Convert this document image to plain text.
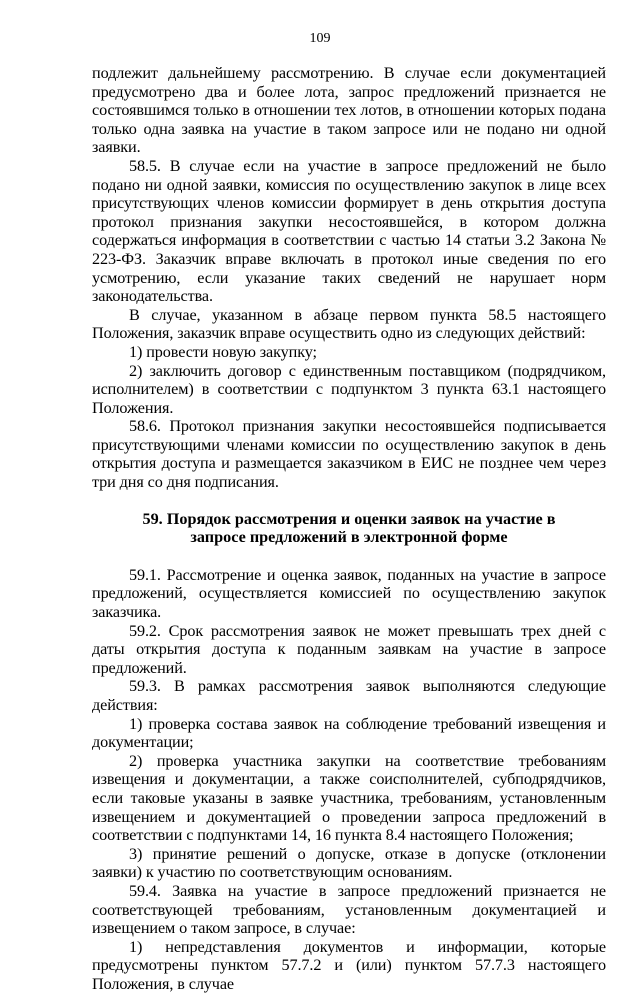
109

подлежит дальнейшему рассмотрению. В случае если документацией предусмотрено два и более лота, запрос предложений признается не состоявшимся только в отношении тех лотов, в отношении которых подана только одна заявка на участие в таком запросе или не подано ни одной заявки.

58.5. В случае если на участие в запросе предложений не было подано ни одной заявки, комиссия по осуществлению закупок в лице всех присутствующих членов комиссии формирует в день открытия доступа протокол признания закупки несостоявшейся, в котором должна содержаться информация в соответствии с частью 14 статьи 3.2 Закона № 223-ФЗ. Заказчик вправе включать в протокол иные сведения по его усмотрению, если указание таких сведений не нарушает норм законодательства.

В случае, указанном в абзаце первом пункта 58.5 настоящего Положения, заказчик вправе осуществить одно из следующих действий:

1) провести новую закупку;

2) заключить договор с единственным поставщиком (подрядчиком, исполнителем) в соответствии с подпунктом 3 пункта 63.1 настоящего Положения.

58.6. Протокол признания закупки несостоявшейся подписывается присутствующими членами комиссии по осуществлению закупок в день открытия доступа и размещается заказчиком в ЕИС не позднее чем через три дня со дня подписания.

59. Порядок рассмотрения и оценки заявок на участие в запросе предложений в электронной форме

59.1. Рассмотрение и оценка заявок, поданных на участие в запросе предложений, осуществляется комиссией по осуществлению закупок заказчика.

59.2. Срок рассмотрения заявок не может превышать трех дней с даты открытия доступа к поданным заявкам на участие в запросе предложений.

59.3. В рамках рассмотрения заявок выполняются следующие действия:

1) проверка состава заявок на соблюдение требований извещения и документации;

2) проверка участника закупки на соответствие требованиям извещения и документации, а также соисполнителей, субподрядчиков, если таковые указаны в заявке участника, требованиям, установленным извещением и документацией о проведении запроса предложений в соответствии с подпунктами 14, 16 пункта 8.4 настоящего Положения;

3) принятие решений о допуске, отказе в допуске (отклонении заявки) к участию по соответствующим основаниям.

59.4. Заявка на участие в запросе предложений признается не соответствующей требованиям, установленным документацией и извещением о таком запросе, в случае:

1) непредставления документов и информации, которые предусмотрены пунктом 57.7.2 и (или) пунктом 57.7.3 настоящего Положения, в случае
